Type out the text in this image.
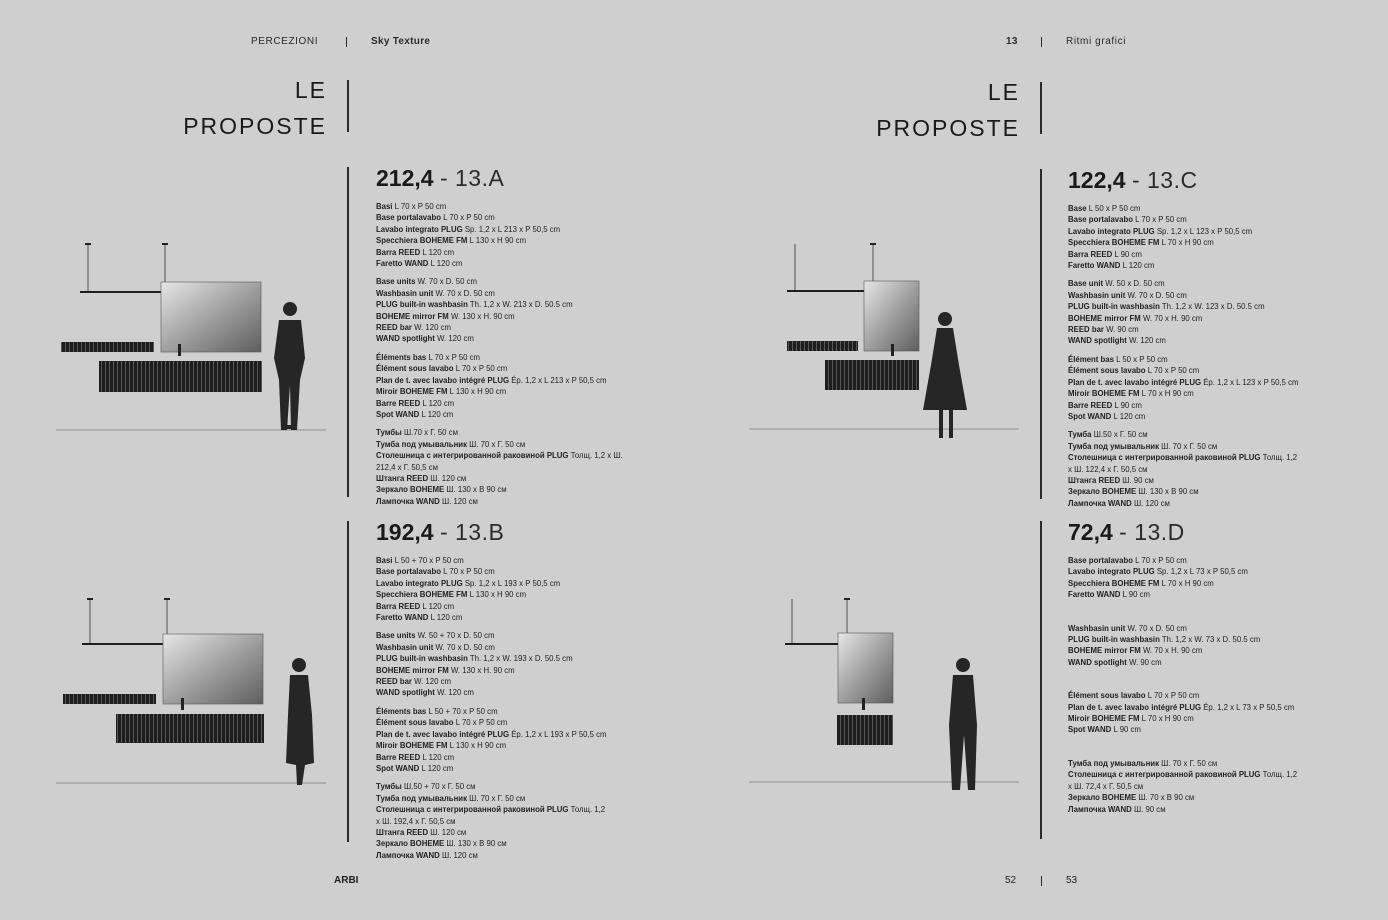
PERCEZIONI	Sky Texture	13	Ritmi grafici
LE
PROPOSTE
LE
PROPOSTE
212,4 - 13.A
Basi L 70 x P 50 cm
Base portalavabo L 70 x P 50 cm
Lavabo integrato PLUG Sp. 1,2 x L 213 x P 50,5 cm
Specchiera BOHEME FM L 130 x H 90 cm
Barra REED L 120 cm
Faretto WAND L 120 cm
Base units W. 70 x D. 50 cm
Washbasin unit W. 70 x D. 50 cm
PLUG built-in washbasin Th. 1,2 x W. 213 x D. 50.5 cm
BOHEME mirror FM W. 130 x H. 90 cm
REED bar W. 120 cm
WAND spotlight W. 120 cm
Éléments bas L 70 x P 50 cm
Élément sous lavabo L 70 x P 50 cm
Plan de t. avec lavabo intégré PLUG Ép. 1,2 x L 213 x P 50,5 cm
Miroir BOHEME FM L 130 x H 90 cm
Barre REED L 120 cm
Spot WAND L 120 cm
Тумбы Ш.70 x Г. 50 см
Тумба под умывальник Ш. 70 x Г. 50 см
Столешница с интегрированной раковиной PLUG Толщ. 1,2 x Ш.
212,4 x Г. 50,5 см
Штанга REED Ш. 120 см
Зеркало BOHEME Ш. 130 x В 90 см
Лампочка WAND Ш. 120 см
192,4 - 13.B
Basi L 50 + 70 x P 50 cm
Base portalavabo L 70 x P 50 cm
Lavabo integrato PLUG Sp. 1,2 x L 193 x P 50,5 cm
Specchiera BOHEME FM L 130 x H 90 cm
Barra REED L 120 cm
Faretto WAND L 120 cm
Base units W. 50 + 70 x D. 50 cm
Washbasin unit W. 70 x D. 50 cm
PLUG built-in washbasin Th. 1,2 x W. 193 x D. 50.5 cm
BOHEME mirror FM W. 130 x H. 90 cm
REED bar W. 120 cm
WAND spotlight W. 120 cm
Éléments bas L 50 + 70 x P 50 cm
Élément sous lavabo L 70 x P 50 cm
Plan de t. avec lavabo intégré PLUG Ép. 1,2 x L 193 x P 50,5 cm
Miroir BOHEME FM L 130 x H 90 cm
Barre REED L 120 cm
Spot WAND L 120 cm
Тумбы Ш.50 + 70 x Г. 50 см
Тумба под умывальник Ш. 70 x Г. 50 см
Столешница с интегрированной раковиной PLUG Толщ. 1,2
x Ш. 192,4 x Г. 50,5 см
Штанга REED Ш. 120 см
Зеркало BOHEME Ш. 130 x В 90 см
Лампочка WAND Ш. 120 см
122,4 - 13.C
Base L 50 x P 50 cm
Base portalavabo L 70 x P 50 cm
Lavabo integrato PLUG Sp. 1,2 x L 123 x P 50,5 cm
Specchiera BOHEME FM L 70 x H 90 cm
Barra REED L 90 cm
Faretto WAND L 120 cm
Base unit W. 50 x D. 50 cm
Washbasin unit W. 70 x D. 50 cm
PLUG built-in washbasin Th. 1,2 x W. 123 x D. 50.5 cm
BOHEME mirror FM W. 70 x H. 90 cm
REED bar W. 90 cm
WAND spotlight W. 120 cm
Élément bas L 50 x P 50 cm
Élément sous lavabo L 70 x P 50 cm
Plan de t. avec lavabo intégré PLUG Ép. 1,2 x L 123 x P 50,5 cm
Miroir BOHEME FM L 70 x H 90 cm
Barre REED L 90 cm
Spot WAND L 120 cm
Тумба Ш.50 x Г. 50 см
Тумба под умывальник Ш. 70 x Г. 50 см
Столешница с интегрированной раковиной PLUG Толщ. 1,2
x Ш. 122,4 x Г. 50,5 см
Штанга REED Ш. 90 см
Зеркало BOHEME Ш. 130 x В 90 см
Лампочка WAND Ш. 120 см
72,4 - 13.D
Base portalavabo L 70 x P 50 cm
Lavabo integrato PLUG Sp. 1,2 x L 73 x P 50,5 cm
Specchiera BOHEME FM L 70 x H 90 cm
Faretto WAND L 90 cm
Washbasin unit W. 70 x D. 50 cm
PLUG built-in washbasin Th. 1,2 x W. 73 x D. 50.5 cm
BOHEME mirror FM W. 70 x H. 90 cm
WAND spotlight W. 90 cm
Élément sous lavabo L 70 x P 50 cm
Plan de t. avec lavabo intégré PLUG Ép. 1,2 x L 73 x P 50,5 cm
Miroir BOHEME FM L 70 x H 90 cm
Spot WAND L 90 cm
Тумба под умывальник Ш. 70 x Г. 50 см
Столешница с интегрированной раковиной PLUG Толщ. 1,2
x Ш. 72,4 x Г. 50,5 см
Зеркало BOHEME Ш. 70 x В 90 см
Лампочка WAND Ш. 90 см
ARBI	52	53
